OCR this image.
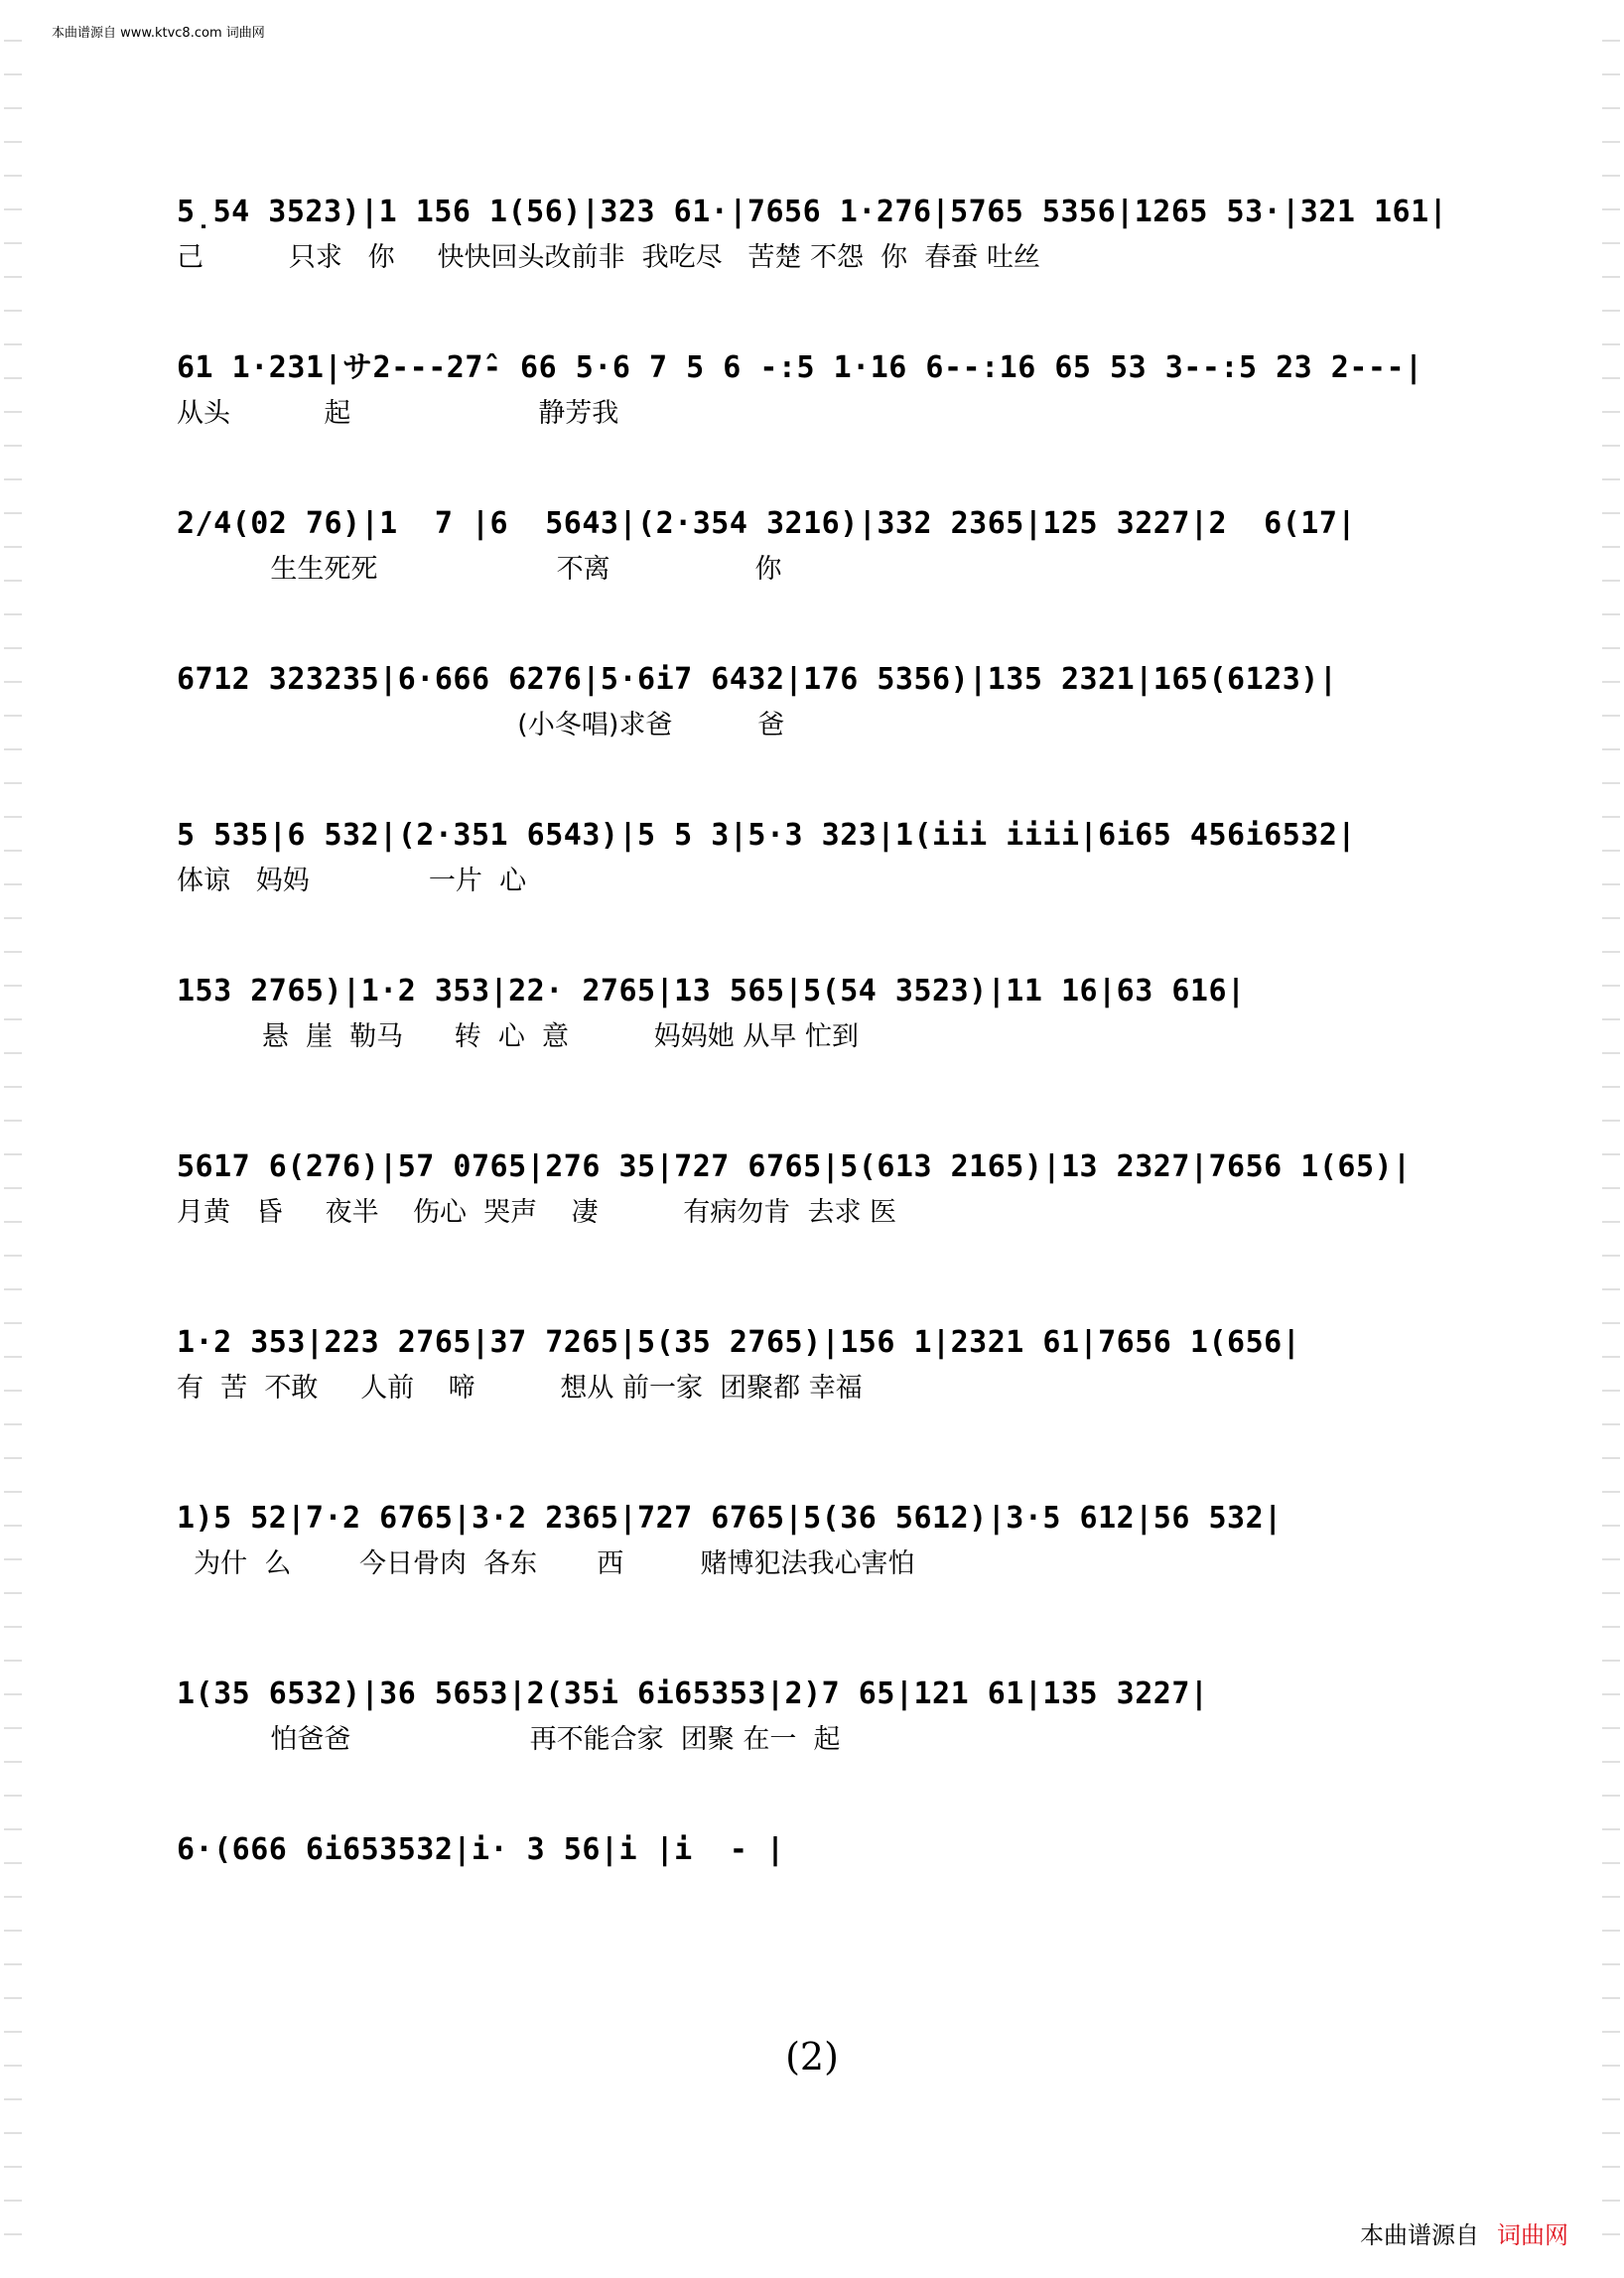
本曲谱源自 www.ktvc8.com 词曲网
5̣54 3523)|1 156 1(56)|323 61·|7656 1·276|5765 5356|1265 53·|321 161|
己          只求   你     快快回头改前非  我吃尽   苦楚 不怨  你  春蚕 吐丝
61 1·231|サ2---27̂- 66 5·6 7 5 6 -:5 1·16 6--:16 65 53 3--:5 23 2---|
从头           起                      静芳我
2/4(02 76)|1  7 |6  5643|(2·354 3216)|332 2365|125 3227|2  6(17|
生生死死                     不离                 你
6712 323235|6·666 6276|5·6i7 6432|176 5356)|135 2321|165(6123)|
(小冬唱)求爸          爸
5 535|6 532|(2·351 6543)|5 5 3|5·3 323|1(iii iiii|6i65 456i6532|
体谅   妈妈              一片  心
153 2765)|1·2 353|22· 2765|13 565|5(54 3523)|11 16|63 616|
悬  崖  勒马      转  心  意          妈妈她 从早 忙到
5617 6(276)|57 0765|276 35|727 6765|5(613 2165)|13 2327|7656 1(65)|
月黄   昏     夜半    伤心  哭声    凄          有病勿肯  去求 医
1·2 353|223 2765|37 7265|5(35 2765)|156 1|2321 61|7656 1(656|
有  苦  不敢     人前    啼          想从 前一家  团聚都 幸福
1)5 52|7·2 6765|3·2 2365|727 6765|5(36 5612)|3·5 612|56 532|
为什  么        今日骨肉  各东       西         赌博犯法我心害怕
1(35 6532)|36 5653|2(35i 6i65353|2)7 65|121 61|135 3227|
怕爸爸                     再不能合家  团聚 在一  起
6·(666 6i653532|i· 3 56|i |i  - |
(2)
本曲谱源自 词曲网
